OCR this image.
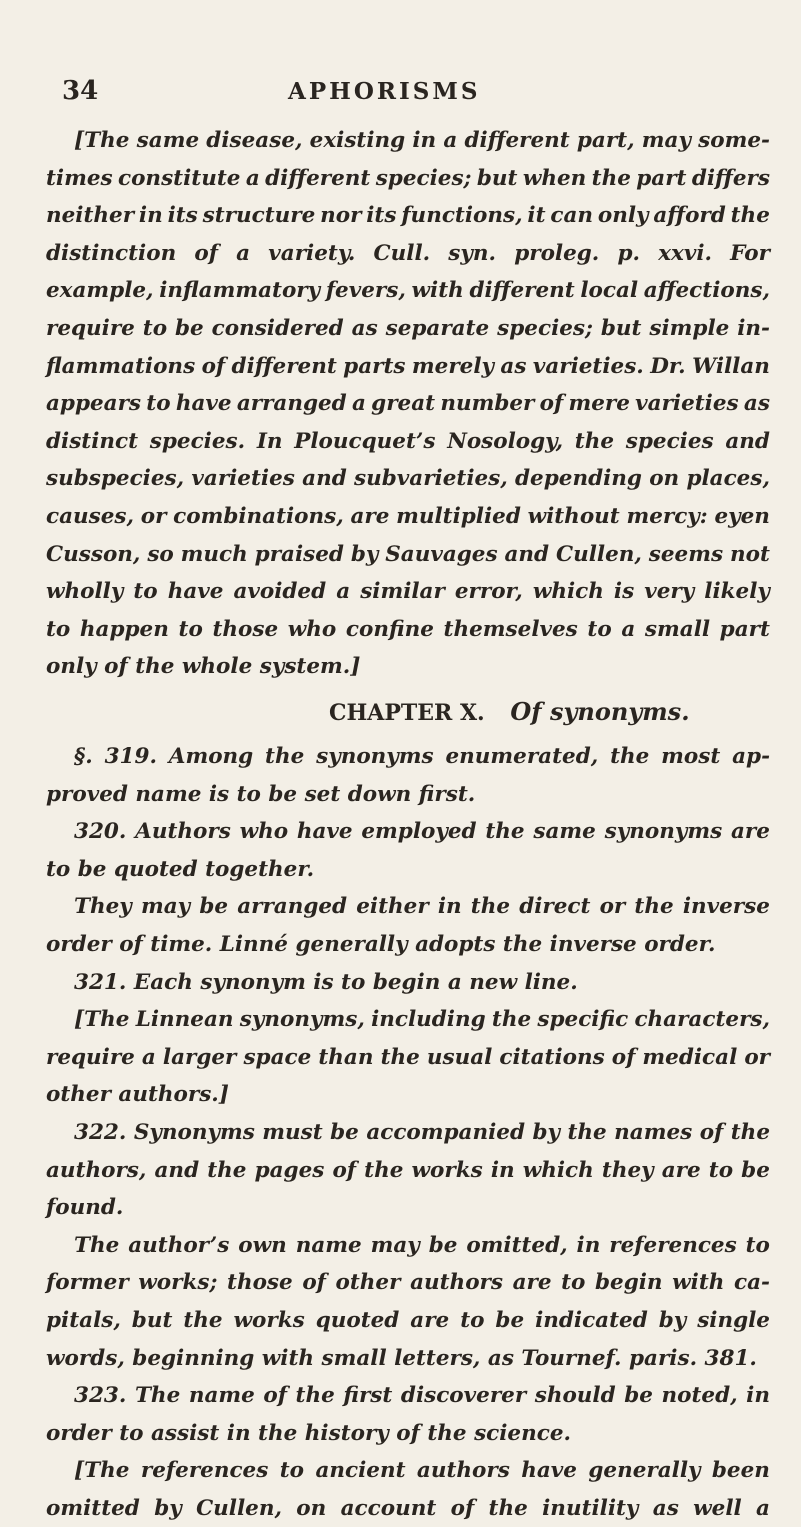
34	APHORISMS
[The same disease, existing in a different part, may some-
times constitute a different species; but when the part differs
neither in its structure nor its functions, it can only afford the
distinction of a variety. Cull. syn. proleg. p. xxvi. For
example, inflammatory fevers, with different local affections,
require to be considered as separate species; but simple in-
flammations of different parts merely as varieties. Dr. Willan
appears to have arranged a great number of mere varieties as
distinct species. In Ploucquet’s Nosology, the species and
subspecies, varieties and subvarieties, depending on places,
causes, or combinations, are multiplied without mercy: eyen
Cusson, so much praised by Sauvages and Cullen, seems not
wholly to have avoided a similar error, which is very likely
to happen to those who confine themselves to a small part
only of the whole system.]
CHAPTER X. Of synonyms.
§. 319. Among the synonyms enumerated, the most ap-
proved name is to be set down first.
320. Authors who have employed the same synonyms are
to be quoted together.
They may be arranged either in the direct or the inverse
order of time. Linné generally adopts the inverse order.
321. Each synonym is to begin a new line.
[The Linnean synonyms, including the specific characters,
require a larger space than the usual citations of medical or
other authors.]
322. Synonyms must be accompanied by the names of the
authors, and the pages of the works in which they are to be
found.
The author’s own name may be omitted, in references to
former works; those of other authors are to begin with ca-
pitals, but the works quoted are to be indicated by single
words, beginning with small letters, as Tournef. paris. 381.
323. The name of the first discoverer should be noted, in
order to assist in the history of the science.
[The references to ancient authors have generally been
omitted by Cullen, on account of the inutility as well a
